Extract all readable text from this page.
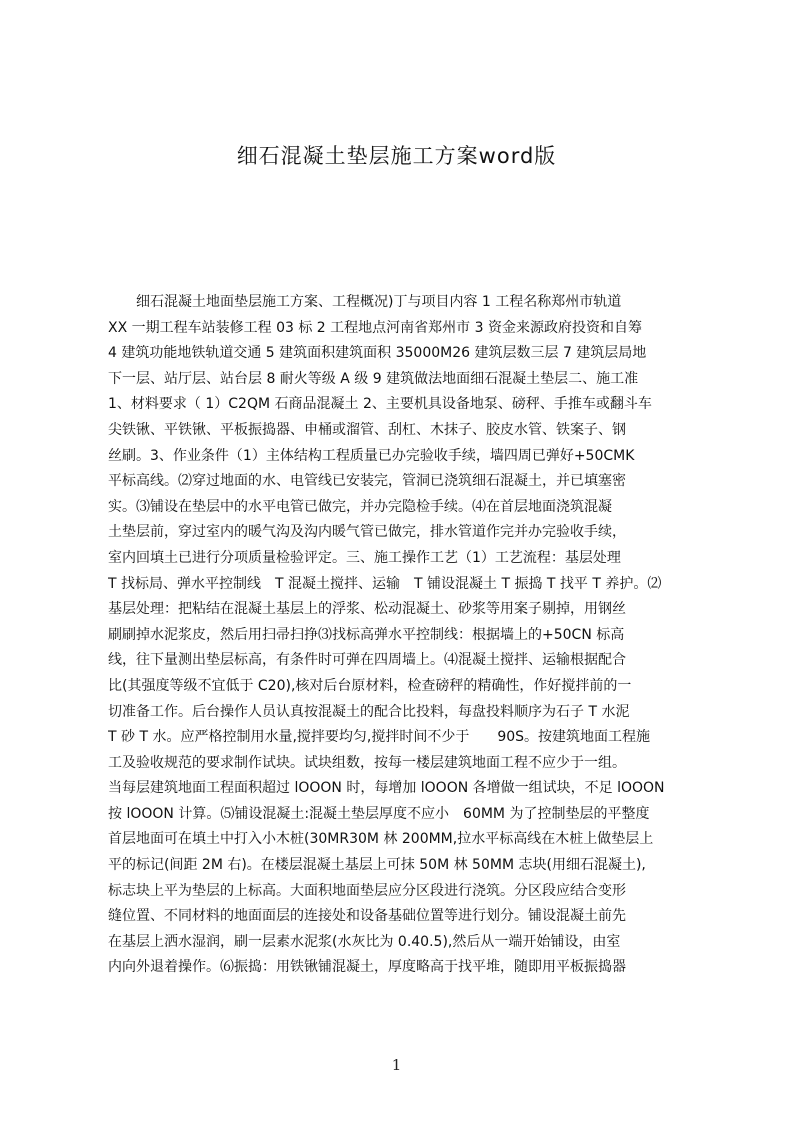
细石混凝土垫层施工方案word版
细石混凝土地面垫层施工方案、工程概况)丁与项目内容 1 工程名称郑州市轨道
XX 一期工程车站装修工程 03 标 2 工程地点河南省郑州市 3 资金来源政府投资和自筹
4 建筑功能地铁轨道交通 5 建筑面积建筑面积 35000M26 建筑层数三层 7 建筑层局地
下一层、站厅层、站台层 8 耐火等级 A 级 9 建筑做法地面细石混凝土垫层二、施工准
1、材料要求（ 1）C2QM 石商品混凝土 2、主要机具设备地泵、磅秤、手推车或翻斗车
尖铁锹、平铁锹、平板振捣器、申桶或溜管、刮杠、木抹子、胶皮水管、铁案子、钢
丝刷。3、作业条件（1）主体结构工程质量已办完验收手续，墙四周已弹好+50CMK
平标高线。⑵穿过地面的水、电管线已安装完，管洞已浇筑细石混凝土，并已填塞密
实。⑶铺设在垫层中的水平电管已做完，并办完隐检手续。⑷在首层地面浇筑混凝
土垫层前，穿过室内的暖气沟及沟内暖气管已做完，排水管道作完并办完验收手续，
室内回填土已进行分项质量检验评定。三、施工操作工艺（1）工艺流程：基层处理
T 找标局、弹水平控制线　T 混凝土搅拌、运输　T 铺设混凝土 T 振捣 T 找平 T 养护。⑵
基层处理：把粘结在混凝土基层上的浮浆、松动混凝土、砂浆等用案子剔掉，用钢丝
刷刷掉水泥浆皮，然后用扫帚扫挣⑶找标高弹水平控制线：根据墙上的+50CN 标高
线，往下量测出垫层标高，有条件时可弹在四周墙上。⑷混凝土搅拌、运输根据配合
比(其强度等级不宜低于 C20),核对后台原材料，检查磅秤的精确性，作好搅拌前的一
切准备工作。后台操作人员认真按混凝土的配合比投料，每盘投料顺序为石子 T 水泥
T 砂 T 水。应严格控制用水量,搅拌要均匀,搅拌时间不少于　　90S。按建筑地面工程施
工及验收规范的要求制作试块。试块组数，按每一楼层建筑地面工程不应少于一组。
当每层建筑地面工程面积超过 lOOON 时，每增加 lOOON 各增做一组试块，不足 lOOON
按 lOOON 计算。⑸铺设混凝土:混凝土垫层厚度不应小　60MM 为了控制垫层的平整度
首层地面可在填土中打入小木桩(30MR30M 林 200MM,拉水平标高线在木桩上做垫层上
平的标记(间距 2M 右)。在楼层混凝土基层上可抹 50M 林 50MM 志块(用细石混凝土),
标志块上平为垫层的上标高。大面积地面垫层应分区段进行浇筑。分区段应结合变形
缝位置、不同材料的地面面层的连接处和设备基础位置等进行划分。铺设混凝土前先
在基层上洒水湿润，刷一层素水泥浆(水灰比为 0.40.5),然后从一端开始铺设，由室
内向外退着操作。⑹振捣：用铁锹铺混凝土，厚度略高于找平堆，随即用平板振捣器
1
